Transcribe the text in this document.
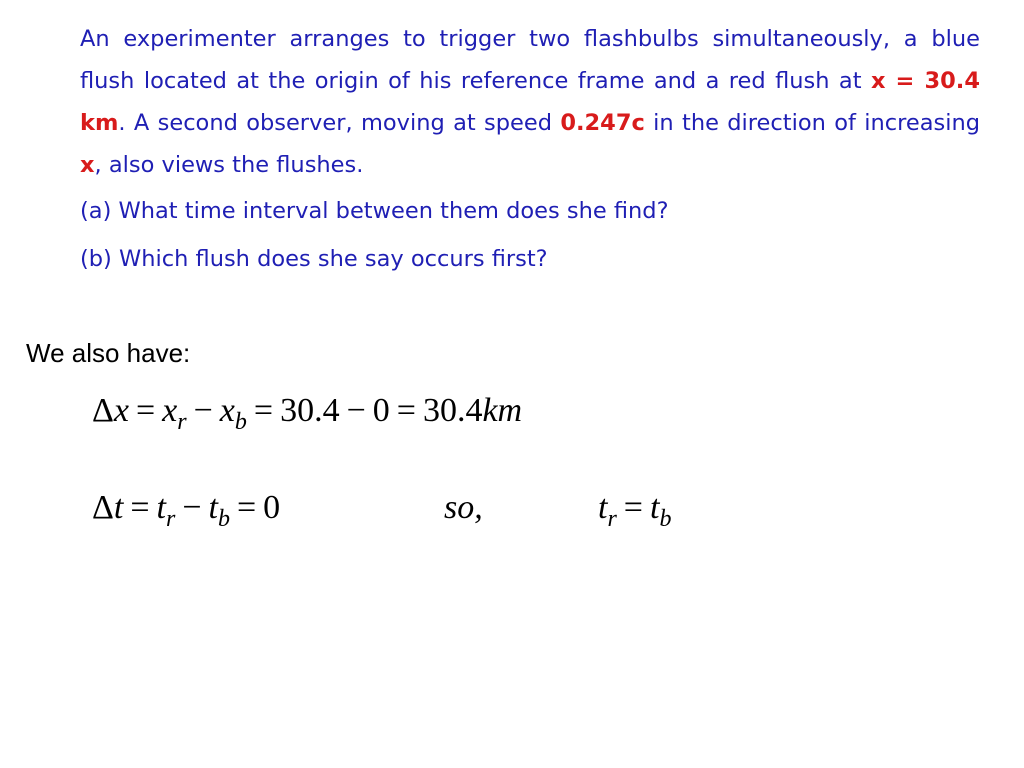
An experimenter arranges to trigger two flashbulbs simultaneously, a blue flush located at the origin of his reference frame and a red flush at x = 30.4 km. A second observer, moving at speed 0.247c in the direction of increasing x, also views the flushes.

(a) What time interval between them does she find?

(b) Which flush does she say occurs first?

We also have:
$\Delta x = x_r - x_b = 30.4 - 0 = 30.4km$
$\Delta t = t_r - t_b = 0$	so,	$t_r = t_b$
